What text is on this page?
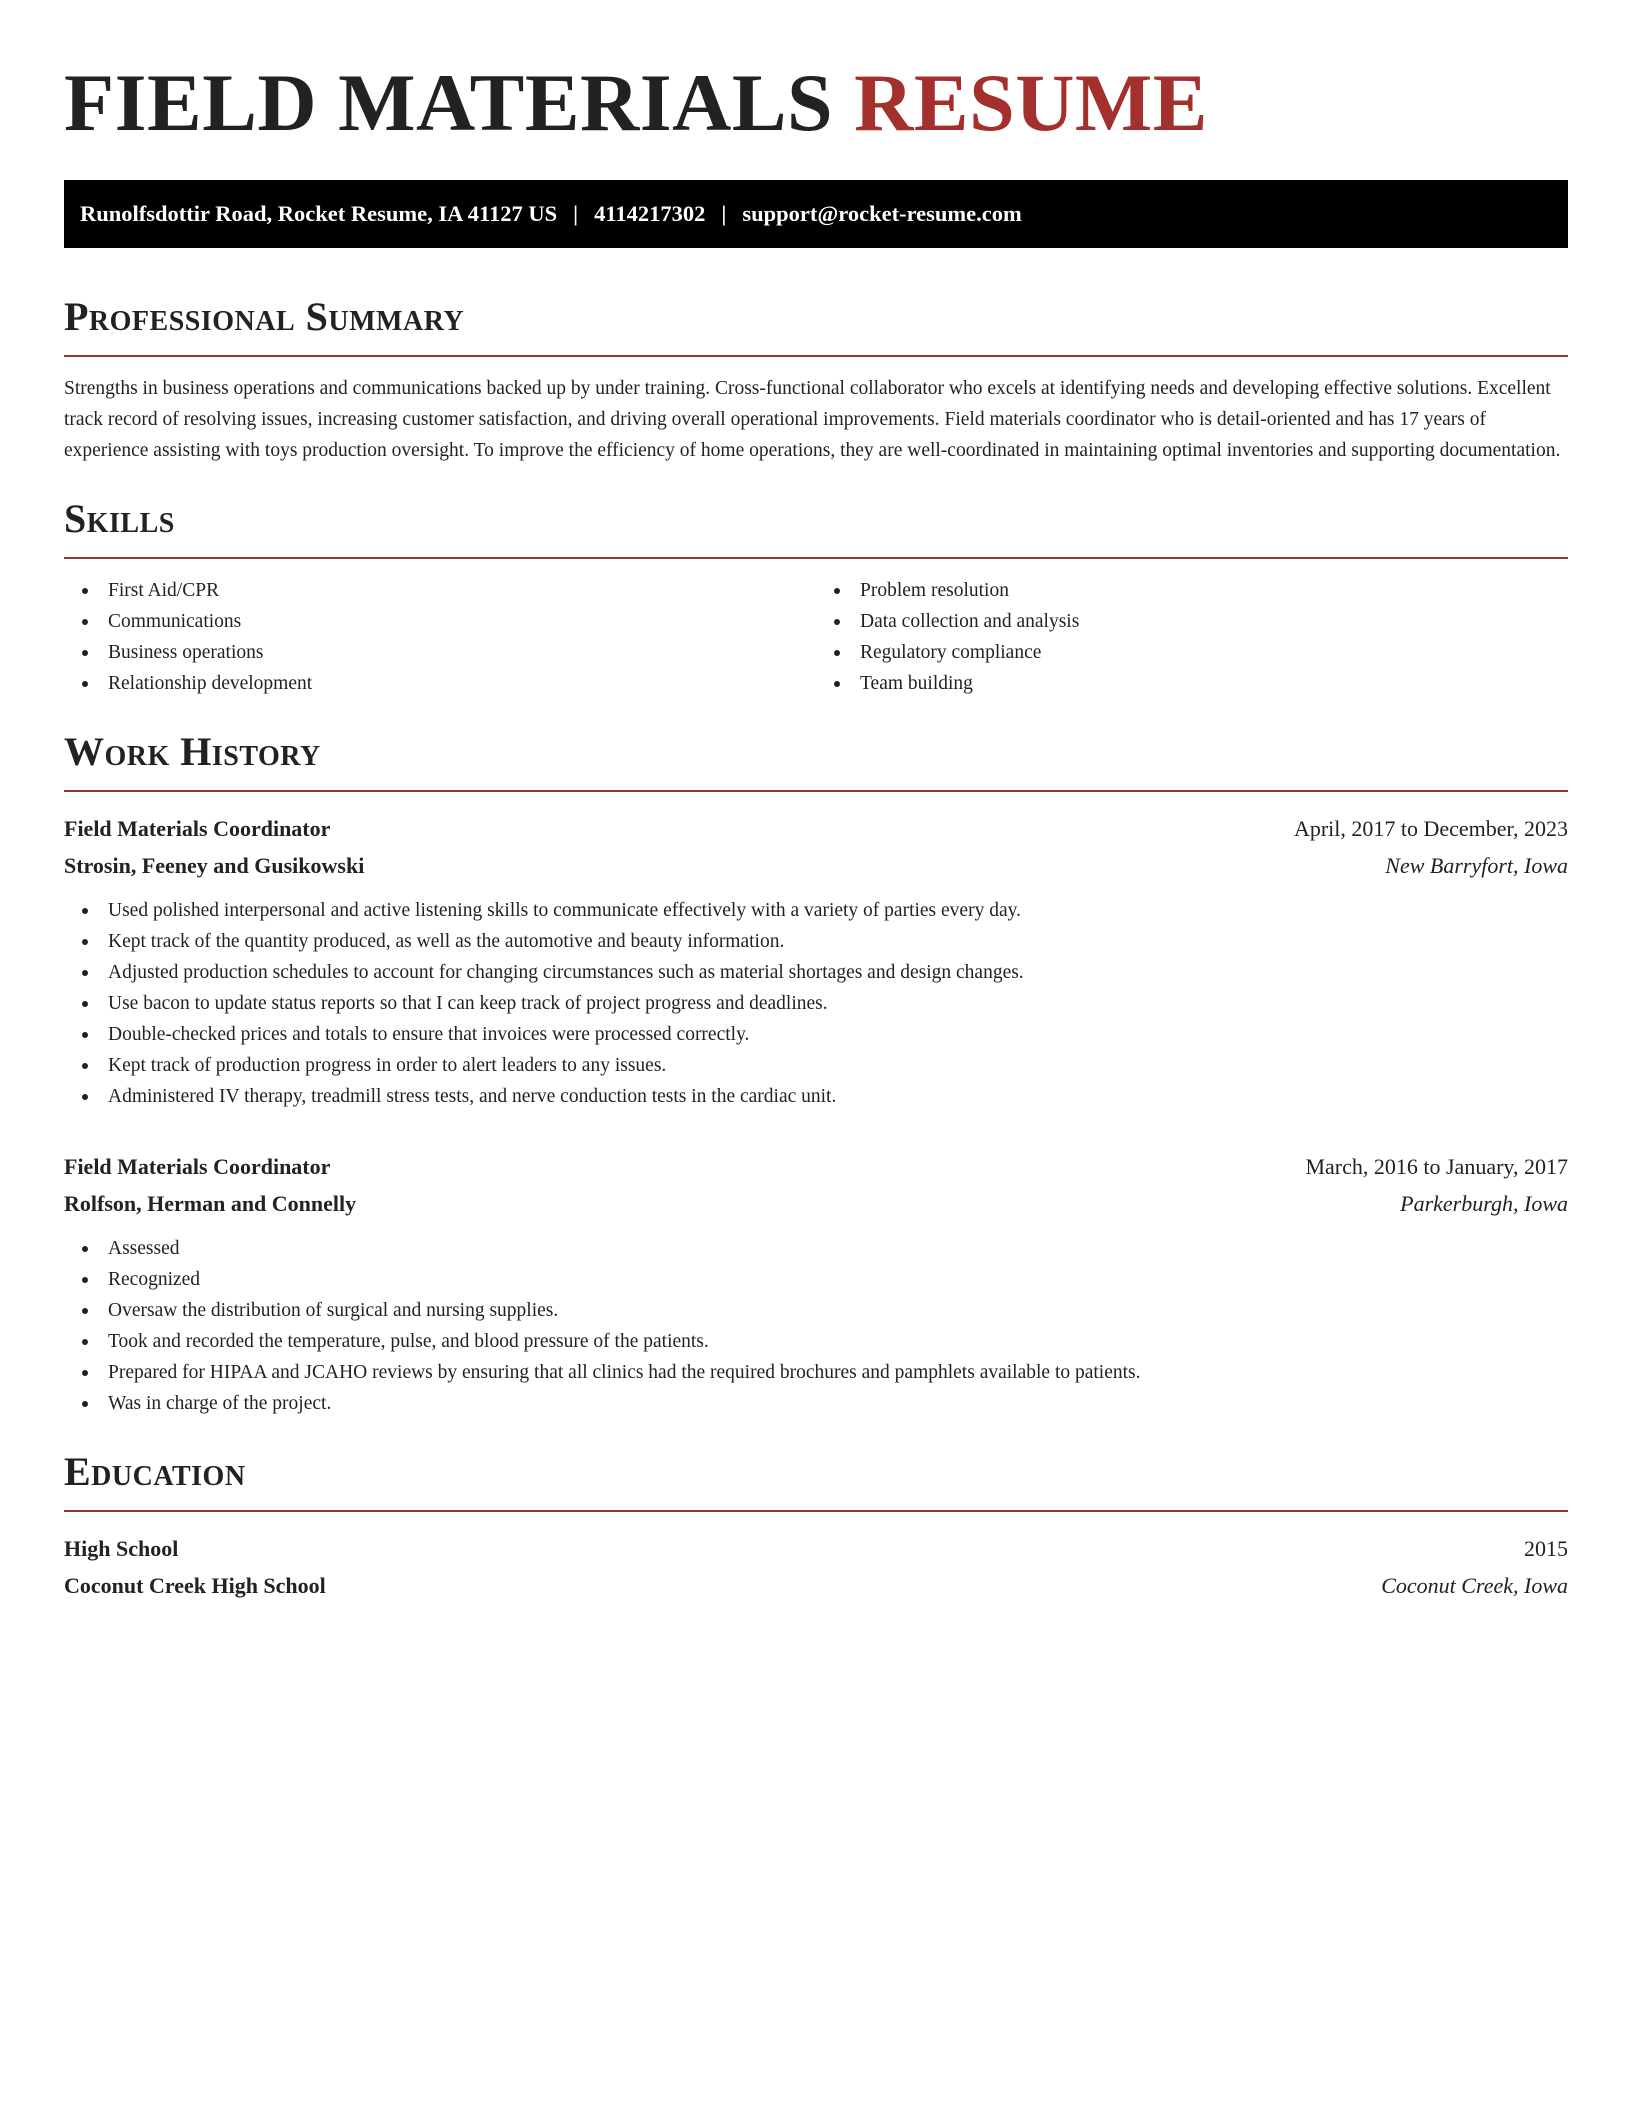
FIELD MATERIALS RESUME
Runolfsdottir Road, Rocket Resume, IA 41127 US | 4114217302 | support@rocket-resume.com
Professional Summary

Strengths in business operations and communications backed up by under training. Cross-functional collaborator who excels at identifying needs and developing effective solutions. Excellent track record of resolving issues, increasing customer satisfaction, and driving overall operational improvements. Field materials coordinator who is detail-oriented and has 17 years of experience assisting with toys production oversight. To improve the efficiency of home operations, they are well-coordinated in maintaining optimal inventories and supporting documentation.

Skills
First Aid/CPR
Communications
Business operations
Relationship development
Problem resolution
Data collection and analysis
Regulatory compliance
Team building
Work History
Field Materials Coordinator	April, 2017 to December, 2023
Strosin, Feeney and Gusikowski	New Barryfort, Iowa
Used polished interpersonal and active listening skills to communicate effectively with a variety of parties every day.
Kept track of the quantity produced, as well as the automotive and beauty information.
Adjusted production schedules to account for changing circumstances such as material shortages and design changes.
Use bacon to update status reports so that I can keep track of project progress and deadlines.
Double-checked prices and totals to ensure that invoices were processed correctly.
Kept track of production progress in order to alert leaders to any issues.
Administered IV therapy, treadmill stress tests, and nerve conduction tests in the cardiac unit.
Field Materials Coordinator	March, 2016 to January, 2017
Rolfson, Herman and Connelly	Parkerburgh, Iowa
Assessed
Recognized
Oversaw the distribution of surgical and nursing supplies.
Took and recorded the temperature, pulse, and blood pressure of the patients.
Prepared for HIPAA and JCAHO reviews by ensuring that all clinics had the required brochures and pamphlets available to patients.
Was in charge of the project.
Education
High School	2015
Coconut Creek High School	Coconut Creek, Iowa
